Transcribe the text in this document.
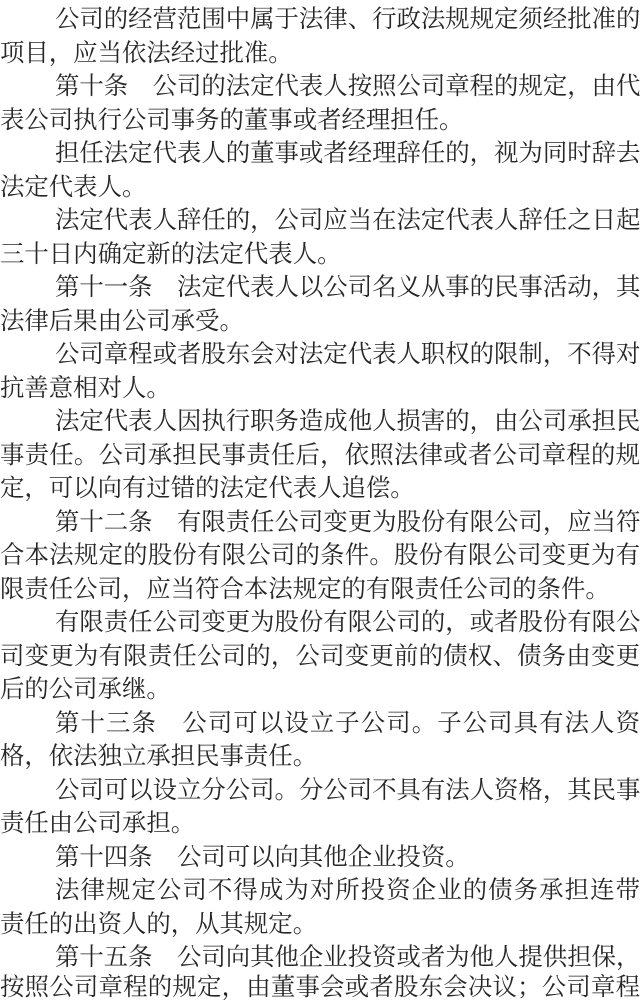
公司的经营范围中属于法律、行政法规规定须经批准的
项目，应当依法经过批准。
第十条　公司的法定代表人按照公司章程的规定，由代
表公司执行公司事务的董事或者经理担任。
担任法定代表人的董事或者经理辞任的，视为同时辞去
法定代表人。
法定代表人辞任的，公司应当在法定代表人辞任之日起
三十日内确定新的法定代表人。
第十一条　法定代表人以公司名义从事的民事活动，其
法律后果由公司承受。
公司章程或者股东会对法定代表人职权的限制，不得对
抗善意相对人。
法定代表人因执行职务造成他人损害的，由公司承担民
事责任。公司承担民事责任后，依照法律或者公司章程的规
定，可以向有过错的法定代表人追偿。
第十二条　有限责任公司变更为股份有限公司，应当符
合本法规定的股份有限公司的条件。股份有限公司变更为有
限责任公司，应当符合本法规定的有限责任公司的条件。
有限责任公司变更为股份有限公司的，或者股份有限公
司变更为有限责任公司的，公司变更前的债权、债务由变更
后的公司承继。
第十三条　公司可以设立子公司。子公司具有法人资
格，依法独立承担民事责任。
公司可以设立分公司。分公司不具有法人资格，其民事
责任由公司承担。
第十四条　公司可以向其他企业投资。
法律规定公司不得成为对所投资企业的债务承担连带
责任的出资人的，从其规定。
第十五条　公司向其他企业投资或者为他人提供担保，
按照公司章程的规定，由董事会或者股东会决议；公司章程
